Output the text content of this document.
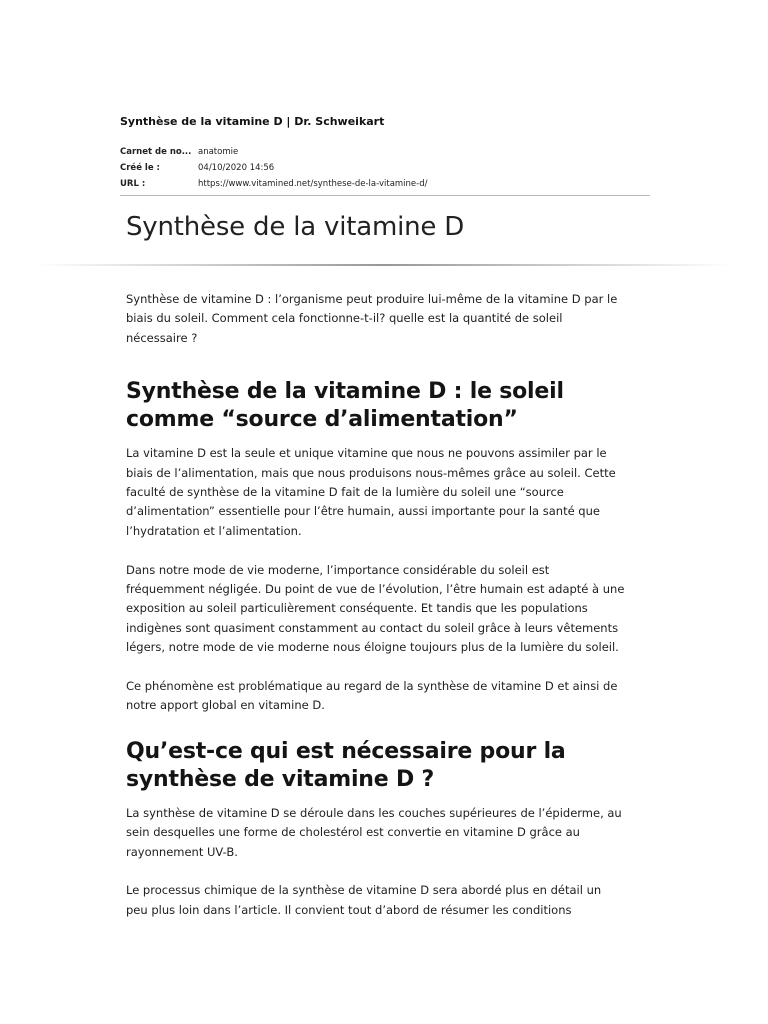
Synthèse de la vitamine D | Dr. Schweikart
Carnet de no... anatomie
Créé le :	04/10/2020 14:56
URL :	https://www.vitamined.net/synthese-de-la-vitamine-d/
Synthèse de la vitamine D

Synthèse de vitamine D : l’organisme peut produire lui-même de la vitamine D par le biais du soleil. Comment cela fonctionne-t-il? quelle est la quantité de soleil nécessaire ?

Synthèse de la vitamine D : le soleil comme “source d’alimentation”

La vitamine D est la seule et unique vitamine que nous ne pouvons assimiler par le biais de l’alimentation, mais que nous produisons nous-mêmes grâce au soleil. Cette faculté de synthèse de la vitamine D fait de la lumière du soleil une “source d’alimentation” essentielle pour l’être humain, aussi importante pour la santé que l’hydratation et l’alimentation.

Dans notre mode de vie moderne, l’importance considérable du soleil est fréquemment négligée. Du point de vue de l’évolution, l’être humain est adapté à une exposition au soleil particulièrement conséquente. Et tandis que les populations indigènes sont quasiment constamment au contact du soleil grâce à leurs vêtements légers, notre mode de vie moderne nous éloigne toujours plus de la lumière du soleil.

Ce phénomène est problématique au regard de la synthèse de vitamine D et ainsi de notre apport global en vitamine D.

Qu’est-ce qui est nécessaire pour la synthèse de vitamine D ?

La synthèse de vitamine D se déroule dans les couches supérieures de l’épiderme, au sein desquelles une forme de cholestérol est convertie en vitamine D grâce au rayonnement UV-B.

Le processus chimique de la synthèse de vitamine D sera abordé plus en détail un peu plus loin dans l’article. Il convient tout d’abord de résumer les conditions
